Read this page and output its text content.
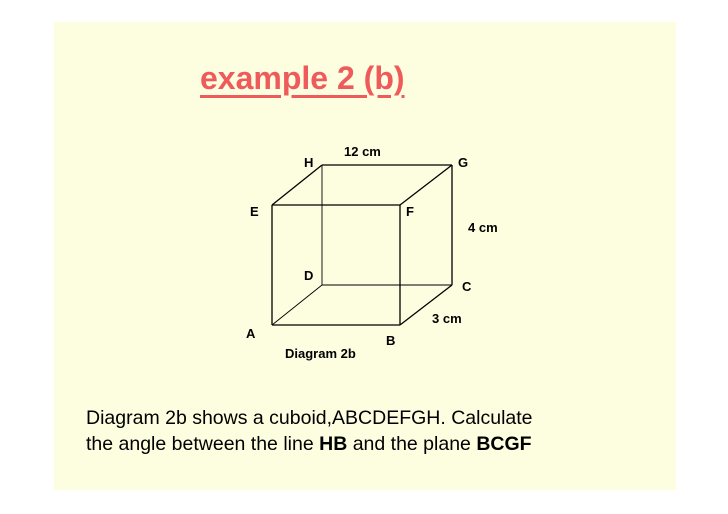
example 2 (b)
H	G
E	F
D
C
A	B
12 cm
4 cm
3 cm
Diagram 2b

Diagram 2b shows a cuboid,ABCDEFGH. Calculate
the angle between the line HB and the plane BCGF
